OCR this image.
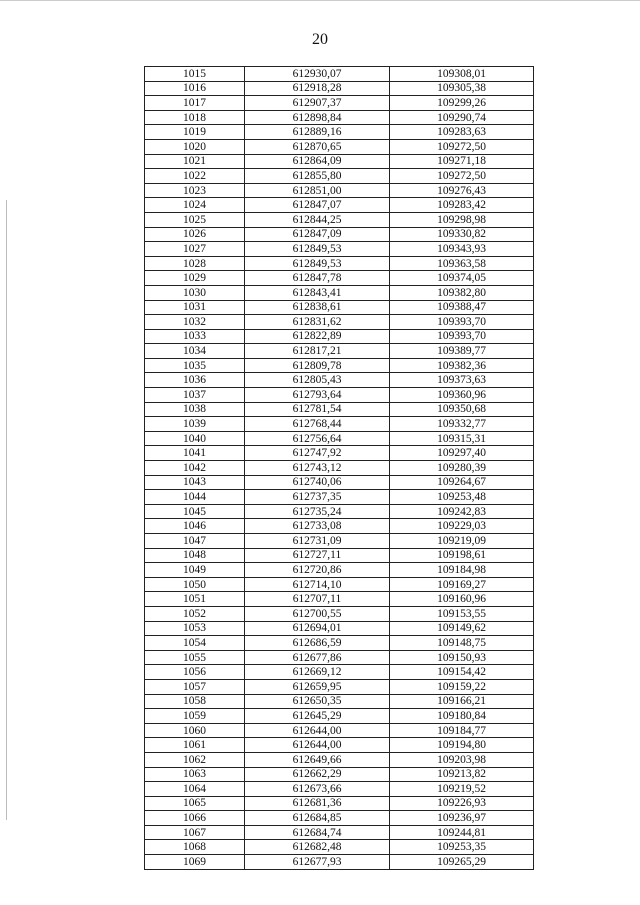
20
1015	612930,07	109308,01
1016	612918,28	109305,38
1017	612907,37	109299,26
1018	612898,84	109290,74
1019	612889,16	109283,63
1020	612870,65	109272,50
1021	612864,09	109271,18
1022	612855,80	109272,50
1023	612851,00	109276,43
1024	612847,07	109283,42
1025	612844,25	109298,98
1026	612847,09	109330,82
1027	612849,53	109343,93
1028	612849,53	109363,58
1029	612847,78	109374,05
1030	612843,41	109382,80
1031	612838,61	109388,47
1032	612831,62	109393,70
1033	612822,89	109393,70
1034	612817,21	109389,77
1035	612809,78	109382,36
1036	612805,43	109373,63
1037	612793,64	109360,96
1038	612781,54	109350,68
1039	612768,44	109332,77
1040	612756,64	109315,31
1041	612747,92	109297,40
1042	612743,12	109280,39
1043	612740,06	109264,67
1044	612737,35	109253,48
1045	612735,24	109242,83
1046	612733,08	109229,03
1047	612731,09	109219,09
1048	612727,11	109198,61
1049	612720,86	109184,98
1050	612714,10	109169,27
1051	612707,11	109160,96
1052	612700,55	109153,55
1053	612694,01	109149,62
1054	612686,59	109148,75
1055	612677,86	109150,93
1056	612669,12	109154,42
1057	612659,95	109159,22
1058	612650,35	109166,21
1059	612645,29	109180,84
1060	612644,00	109184,77
1061	612644,00	109194,80
1062	612649,66	109203,98
1063	612662,29	109213,82
1064	612673,66	109219,52
1065	612681,36	109226,93
1066	612684,85	109236,97
1067	612684,74	109244,81
1068	612682,48	109253,35
1069	612677,93	109265,29
